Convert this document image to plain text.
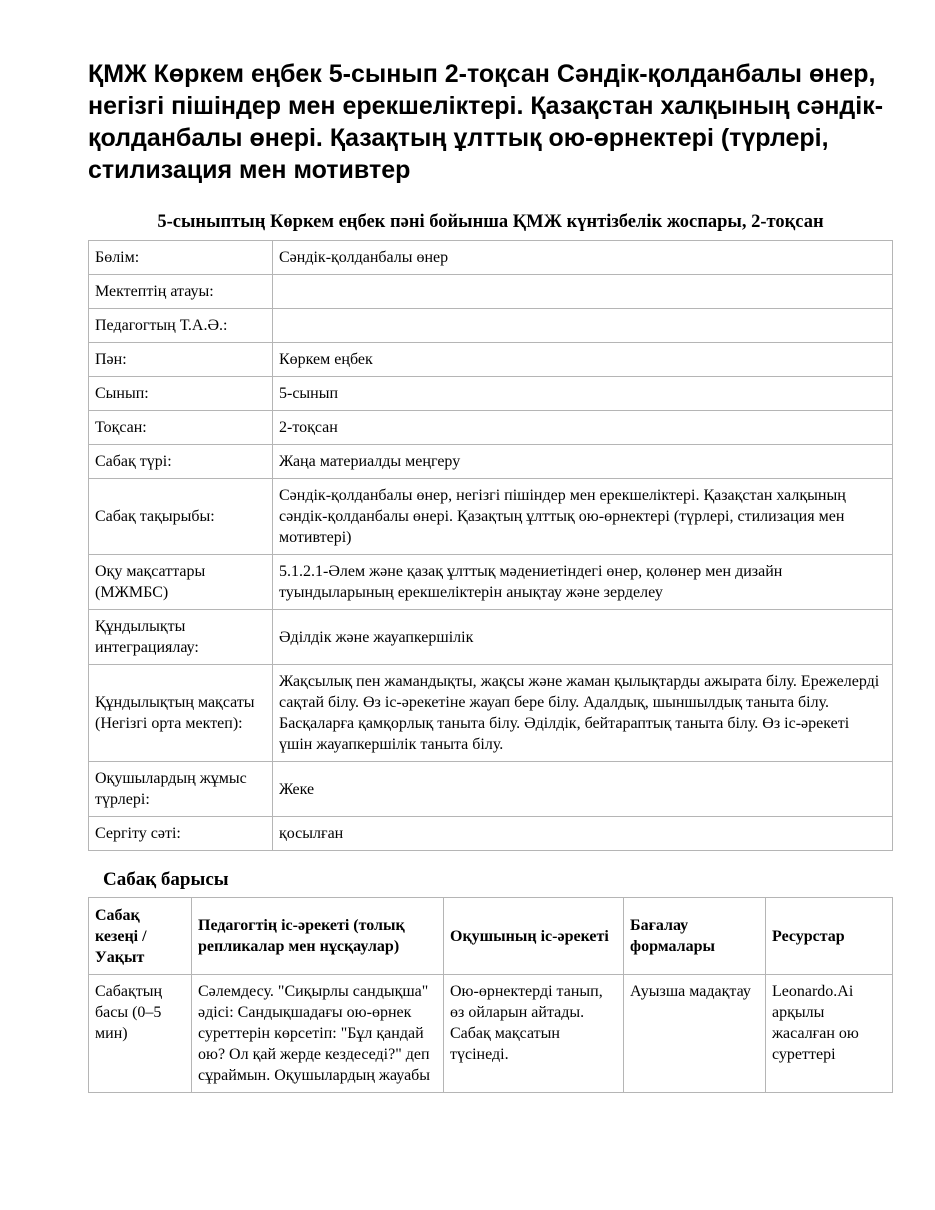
ҚМЖ Көркем еңбек 5-сынып 2-тоқсан Сәндік-қолданбалы өнер, негізгі пішіндер мен ерекшеліктері. Қазақстан халқының сәндік-қолданбалы өнері. Қазақтың ұлттық ою-өрнектері (түрлері, стилизация мен мотивтер
5-сыныптың Көркем еңбек пәні бойынша ҚМЖ күнтізбелік жоспары, 2-тоқсан
Бөлім:	Сәндік-қолданбалы өнер
Мектептің атауы:	
Педагогтың Т.А.Ә.:	
Пән:	Көркем еңбек
Сынып:	5-сынып
Тоқсан:	2-тоқсан
Сабақ түрі:	Жаңа материалды меңгеру
Сабақ тақырыбы:	Сәндік-қолданбалы өнер, негізгі пішіндер мен ерекшеліктері. Қазақстан халқының сәндік-қолданбалы өнері. Қазақтың ұлттық ою-өрнектері (түрлері, стилизация мен мотивтері)
Оқу мақсаттары (МЖМБС)	5.1.2.1-Әлем және қазақ ұлттық мәдениетіндегі өнер, қолөнер мен дизайн туындыларының ерекшеліктерін анықтау және зерделеу
Құндылықты интеграциялау:	Әділдік және жауапкершілік
Құндылықтың мақсаты (Негізгі орта мектеп):	Жақсылық пен жамандықты, жақсы және жаман қылықтарды ажырата білу. Ережелерді сақтай білу. Өз іс-әрекетіне жауап бере білу. Адалдық, шыншылдық таныта білу. Басқаларға қамқорлық таныта білу. Әділдік, бейтараптық таныта білу. Өз іс-әрекеті үшін жауапкершілік таныта білу.
Оқушылардың жұмыс түрлері:	Жеке
Сергіту сәті:	қосылған
Сабақ барысы
Сабақ кезеңі / Уақыт	Педагогтің іс-әрекеті (толық репликалар мен нұсқаулар)	Оқушының іс-әрекеті	Бағалау формалары	Ресурстар
Сабақтың басы (0–5 мин)	Сәлемдесу. "Сиқырлы сандықша" әдісі: Сандықшадағы ою-өрнек суреттерін көрсетіп: "Бұл қандай ою? Ол қай жерде кездеседі?" деп сұраймын. Оқушылардың жауабы	Ою-өрнектерді танып, өз ойларын айтады. Сабақ мақсатын түсінеді.	Ауызша мадақтау	Leonardo.Ai арқылы жасалған ою суреттері
